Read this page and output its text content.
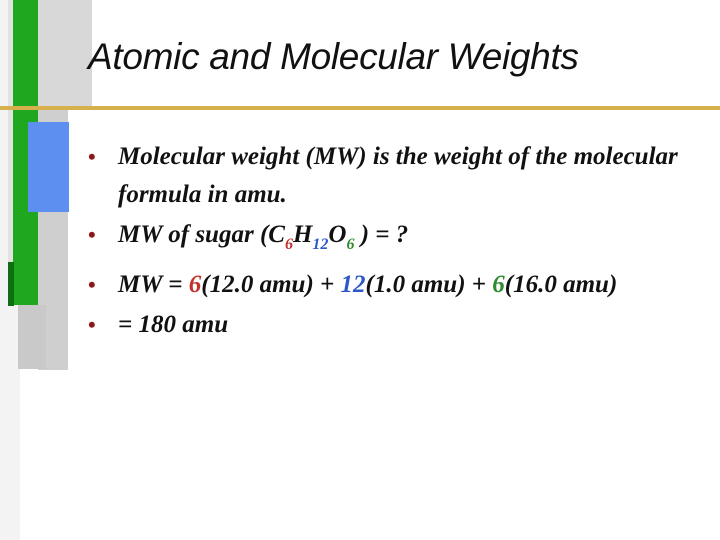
Atomic and Molecular Weights
• Molecular weight (MW) is the weight of the molecular formula in amu.
• MW of sugar ($C_6H_{12}O_6$ ) = ?
• MW = 6(12.0 amu) + 12(1.0 amu) + 6(16.0 amu)
• = 180 amu
